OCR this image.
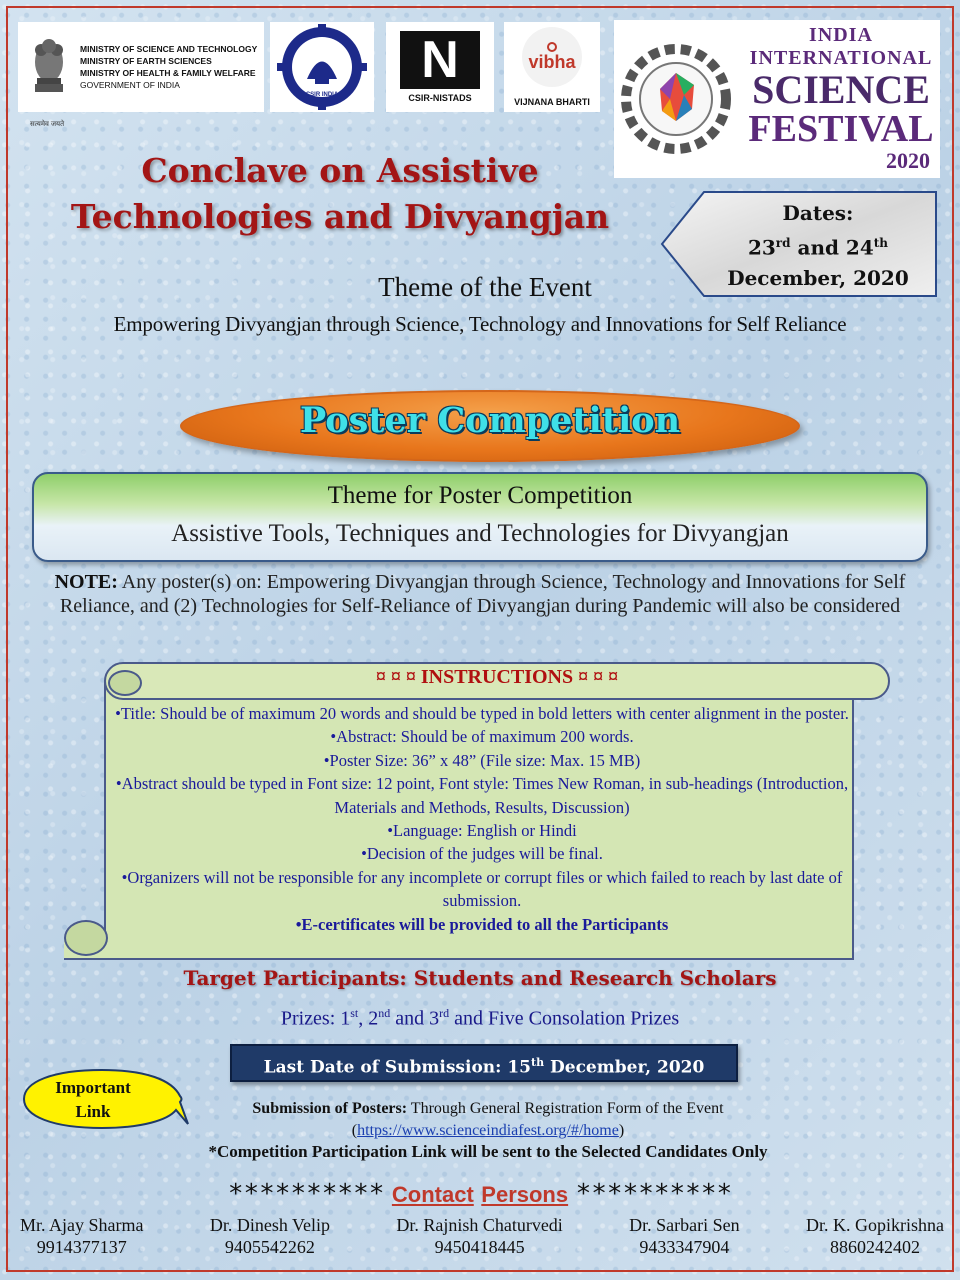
MINISTRY OF SCIENCE AND TECHNOLOGY
MINISTRY OF EARTH SCIENCES
MINISTRY OF HEALTH & FAMILY WELFARE
GOVERNMENT OF INDIA
सत्यमेव जयते
CSIR INDIA
N
CSIR-NISTADS
vibha
VIJNANA BHARTI
INDIA
INTERNATIONAL
SCIENCE
FESTIVAL
2020
Conclave on Assistive
Technologies and Divyangjan	Dates:
23rd and 24th
December, 2020
Theme of the Event
Empowering Divyangjan through Science, Technology and Innovations for Self Reliance
Poster Competition
Theme for Poster Competition
Assistive Tools, Techniques and Technologies for Divyangjan
NOTE: Any poster(s) on: Empowering Divyangjan through Science, Technology and Innovations for Self Reliance, and (2) Technologies for Self-Reliance of Divyangjan during Pandemic will also be considered
¤ ¤ ¤ INSTRUCTIONS ¤ ¤ ¤
•Title: Should be of maximum 20 words and should be typed in bold letters with center alignment in the poster.
•Abstract: Should be of maximum 200 words.
•Poster Size: 36” x 48” (File size: Max. 15 MB)
•Abstract should be typed in Font size: 12 point, Font style: Times New Roman, in sub-headings (Introduction, Materials and Methods, Results, Discussion)
•Language: English or Hindi
•Decision of the judges will be final.
•Organizers will not be responsible for any incomplete or corrupt files or which failed to reach by last date of submission.
•E-certificates will be provided to all the Participants
Target Participants: Students and Research Scholars
Prizes: 1st, 2nd and 3rd and Five Consolation Prizes
Last Date of Submission: 15th December, 2020
Important
Link	Submission of Posters: Through General Registration Form of the Event
(https://www.scienceindiafest.org/#/home)
*Competition Participation Link will be sent to the Selected Candidates Only
********** Contact Persons **********
Mr. Ajay Sharma
9914377137
Dr. Dinesh Velip
9405542262
Dr. Rajnish Chaturvedi
9450418445
Dr. Sarbari Sen
9433347904
Dr. K. Gopikrishna
8860242402
